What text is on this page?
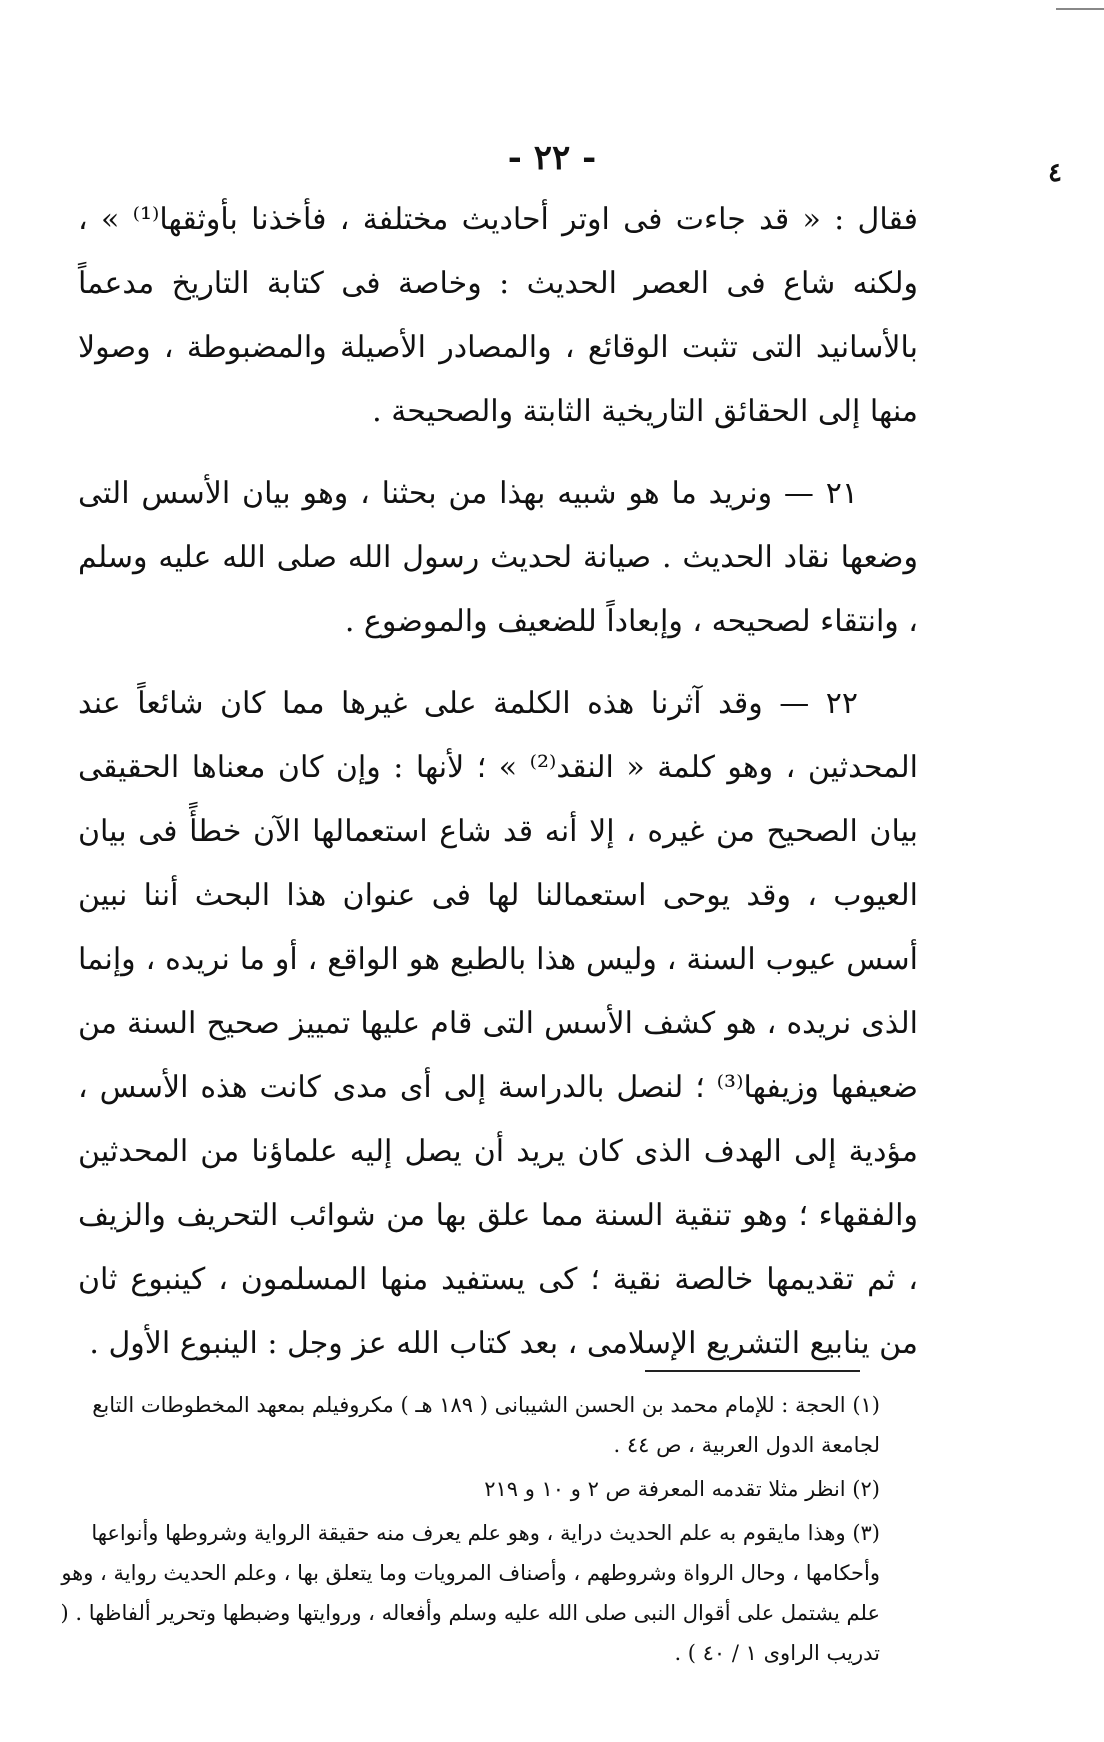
- ٢٢ -	٤

فقال : « قد جاءت فى اوتر أحاديث مختلفة ، فأخذنا بأوثقها⁽¹⁾ » ، ولكنه شاع فى العصر الحديث : وخاصة فى كتابة التاريخ مدعماً بالأسانيد التى تثبت الوقائع ، والمصادر الأصيلة والمضبوطة ، وصولا منها إلى الحقائق التاريخية الثابتة والصحيحة .

٢١ — ونريد ما هو شبيه بهذا من بحثنا ، وهو بيان الأسس التى وضعها نقاد الحديث . صيانة لحديث رسول الله صلى الله عليه وسلم ، وانتقاء لصحيحه ، وإبعاداً للضعيف والموضوع .

٢٢ — وقد آثرنا هذه الكلمة على غيرها مما كان شائعاً عند المحدثين ، وهو كلمة « النقد⁽²⁾ » ؛ لأنها : وإن كان معناها الحقيقى بيان الصحيح من غيره ، إلا أنه قد شاع استعمالها الآن خطأً فى بيان العيوب ، وقد يوحى استعمالنا لها فى عنوان هذا البحث أننا نبين أسس عيوب السنة ، وليس هذا بالطبع هو الواقع ، أو ما نريده ، وإنما الذى نريده ، هو كشف الأسس التى قام عليها تمييز صحيح السنة من ضعيفها وزيفها⁽³⁾ ؛ لنصل بالدراسة إلى أى مدى كانت هذه الأسس ، مؤدية إلى الهدف الذى كان يريد أن يصل إليه علماؤنا من المحدثين والفقهاء ؛ وهو تنقية السنة مما علق بها من شوائب التحريف والزيف ، ثم تقديمها خالصة نقية ؛ كى يستفيد منها المسلمون ، كينبوع ثان من ينابيع التشريع الإسلامى ، بعد كتاب الله عز وجل : الينبوع الأول .

(١) الحجة : للإمام محمد بن الحسن الشيبانى ( ١٨٩ هـ ) مكروفيلم بمعهد المخطوطات التابع لجامعة الدول العربية ، ص ٤٤ .

(٢) انظر مثلا تقدمه المعرفة ص ٢ و ١٠ و ٢١٩

(٣) وهذا مايقوم به علم الحديث دراية ، وهو علم يعرف منه حقيقة الرواية وشروطها وأنواعها وأحكامها ، وحال الرواة وشروطهم ، وأصناف المرويات وما يتعلق بها ، وعلم الحديث رواية ، وهو علم يشتمل على أقوال النبى صلى الله عليه وسلم وأفعاله ، وروايتها وضبطها وتحرير ألفاظها . ( تدريب الراوى ١ / ٤٠ ) .
